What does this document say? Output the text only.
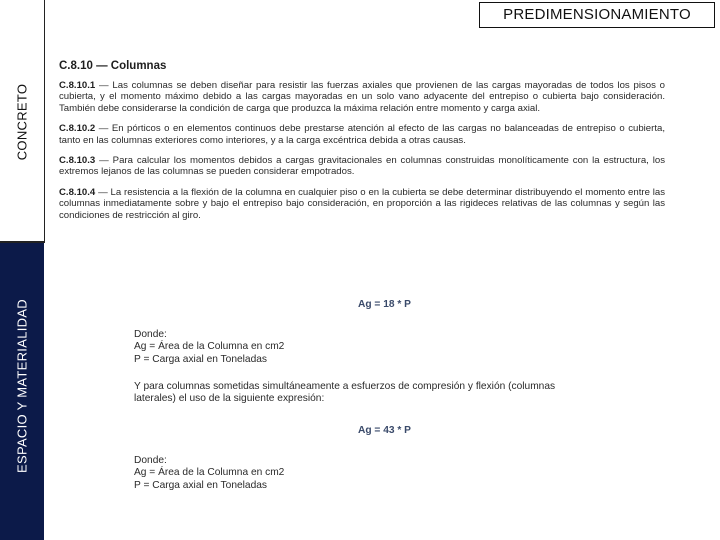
CONCRETO
ESPACIO Y MATERIALIDAD
PREDIMENSIONAMIENTO
C.8.10 — Columnas

C.8.10.1 — Las columnas se deben diseñar para resistir las fuerzas axiales que provienen de las cargas mayoradas de todos los pisos o cubierta, y el momento máximo debido a las cargas mayoradas en un solo vano adyacente del entrepiso o cubierta bajo consideración. También debe considerarse la condición de carga que produzca la máxima relación entre momento y carga axial.

C.8.10.2 — En pórticos o en elementos continuos debe prestarse atención al efecto de las cargas no balanceadas de entrepiso o cubierta, tanto en las columnas exteriores como interiores, y a la carga excéntrica debida a otras causas.

C.8.10.3 — Para calcular los momentos debidos a cargas gravitacionales en columnas construidas monolíticamente con la estructura, los extremos lejanos de las columnas se pueden considerar empotrados.

C.8.10.4 — La resistencia a la flexión de la columna en cualquier piso o en la cubierta se debe determinar distribuyendo el momento entre las columnas inmediatamente sobre y bajo el entrepiso bajo consideración, en proporción a las rigideces relativas de las columnas y según las condiciones de restricción al giro.

Ag = 18 * P
Donde:
Ag = Área de la Columna en cm2
P = Carga axial en Toneladas
Y para columnas sometidas simultáneamente a esfuerzos de compresión y flexión (columnas
laterales) el uso de la siguiente expresión:
Ag = 43 * P
Donde:
Ag = Área de la Columna en cm2
P = Carga axial en Toneladas
